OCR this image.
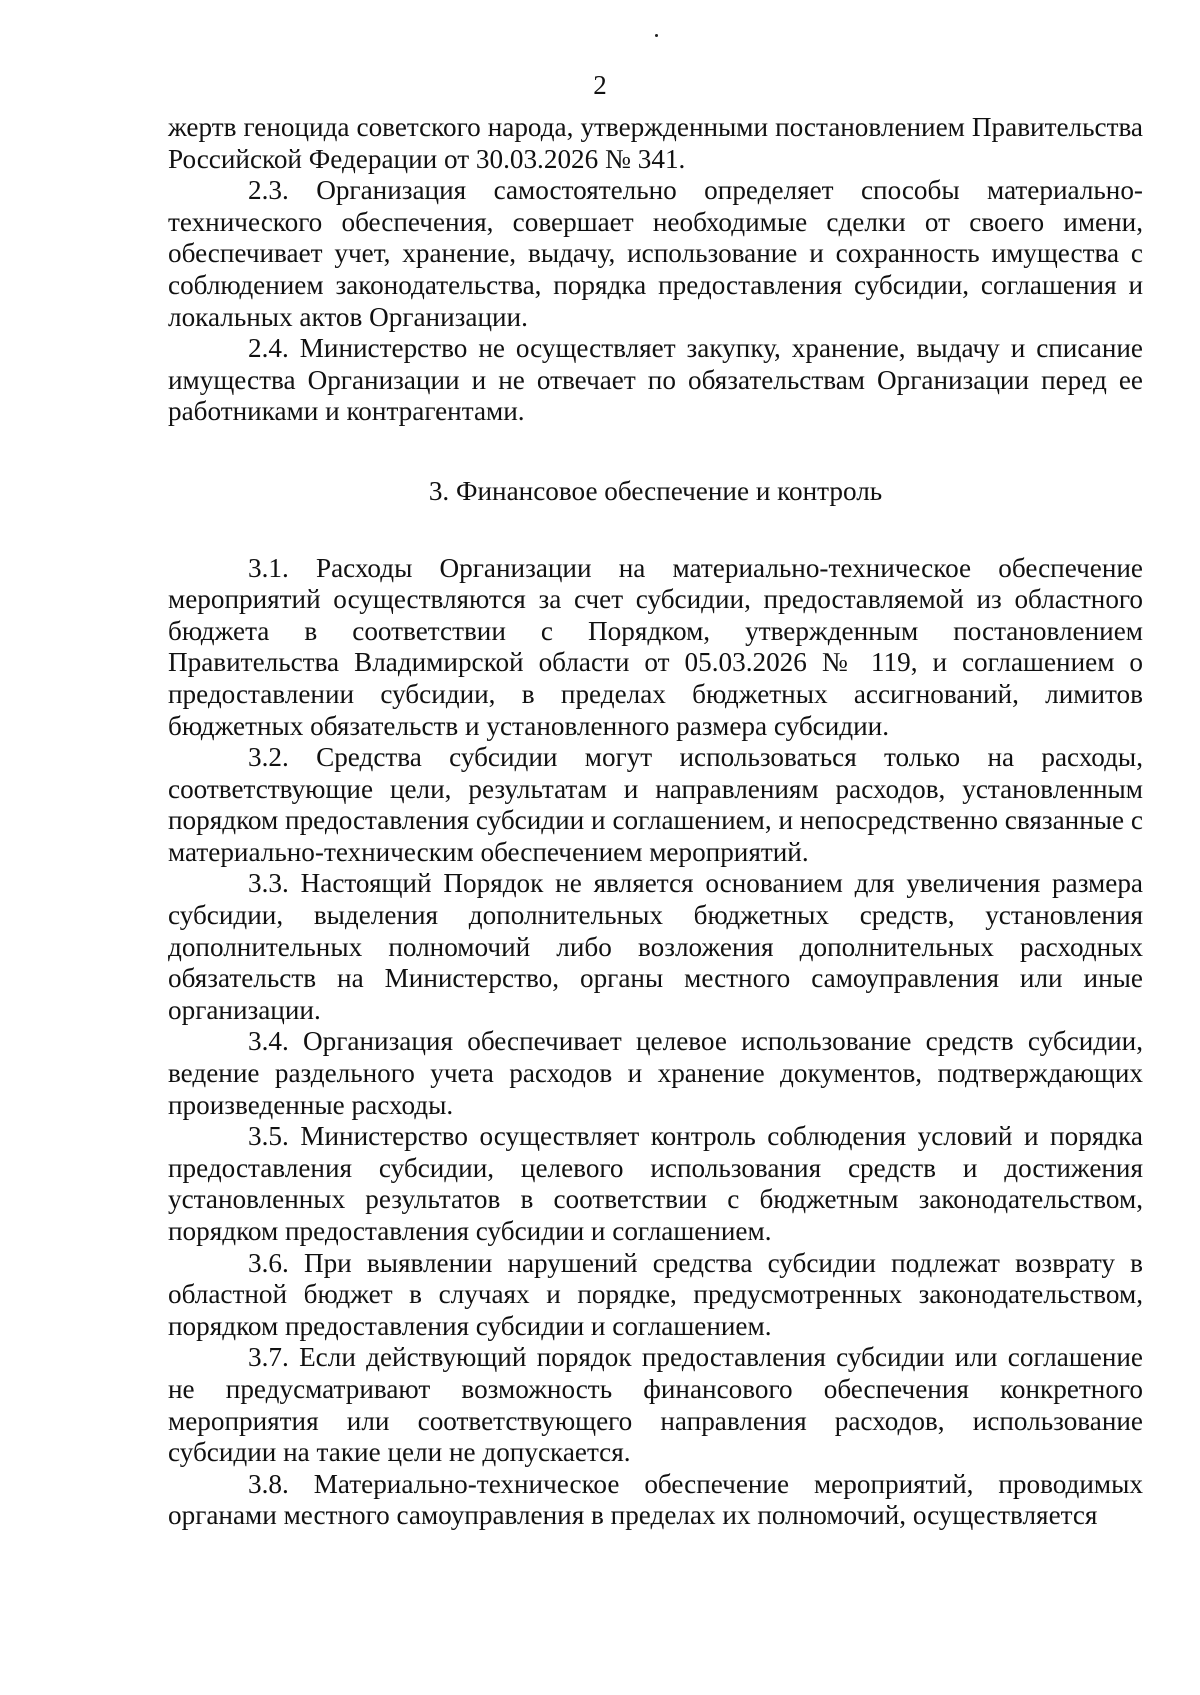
2

жертв геноцида советского народа, утвержденными постановлением Правительства Российской Федерации от 30.03.2026 № 341.

2.3. Организация самостоятельно определяет способы материально-технического обеспечения, совершает необходимые сделки от своего имени, обеспечивает учет, хранение, выдачу, использование и сохранность имущества с соблюдением законодательства, порядка предоставления субсидии, соглашения и локальных актов Организации.

2.4. Министерство не осуществляет закупку, хранение, выдачу и списание имущества Организации и не отвечает по обязательствам Организации перед ее работниками и контрагентами.

3. Финансовое обеспечение и контроль

3.1. Расходы Организации на материально-техническое обеспечение мероприятий осуществляются за счет субсидии, предоставляемой из областного бюджета в соответствии с Порядком, утвержденным постановлением Правительства Владимирской области от 05.03.2026 № 119, и соглашением о предоставлении субсидии, в пределах бюджетных ассигнований, лимитов бюджетных обязательств и установленного размера субсидии.

3.2. Средства субсидии могут использоваться только на расходы, соответствующие цели, результатам и направлениям расходов, установленным порядком предоставления субсидии и соглашением, и непосредственно связанные с материально-техническим обеспечением мероприятий.

3.3. Настоящий Порядок не является основанием для увеличения размера субсидии, выделения дополнительных бюджетных средств, установления дополнительных полномочий либо возложения дополнительных расходных обязательств на Министерство, органы местного самоуправления или иные организации.

3.4. Организация обеспечивает целевое использование средств субсидии, ведение раздельного учета расходов и хранение документов, подтверждающих произведенные расходы.

3.5. Министерство осуществляет контроль соблюдения условий и порядка предоставления субсидии, целевого использования средств и достижения установленных результатов в соответствии с бюджетным законодательством, порядком предоставления субсидии и соглашением.

3.6. При выявлении нарушений средства субсидии подлежат возврату в областной бюджет в случаях и порядке, предусмотренных законодательством, порядком предоставления субсидии и соглашением.

3.7. Если действующий порядок предоставления субсидии или соглашение не предусматривают возможность финансового обеспечения конкретного мероприятия или соответствующего направления расходов, использование субсидии на такие цели не допускается.

3.8. Материально-техническое обеспечение мероприятий, проводимых органами местного самоуправления в пределах их полномочий, осуществляется
